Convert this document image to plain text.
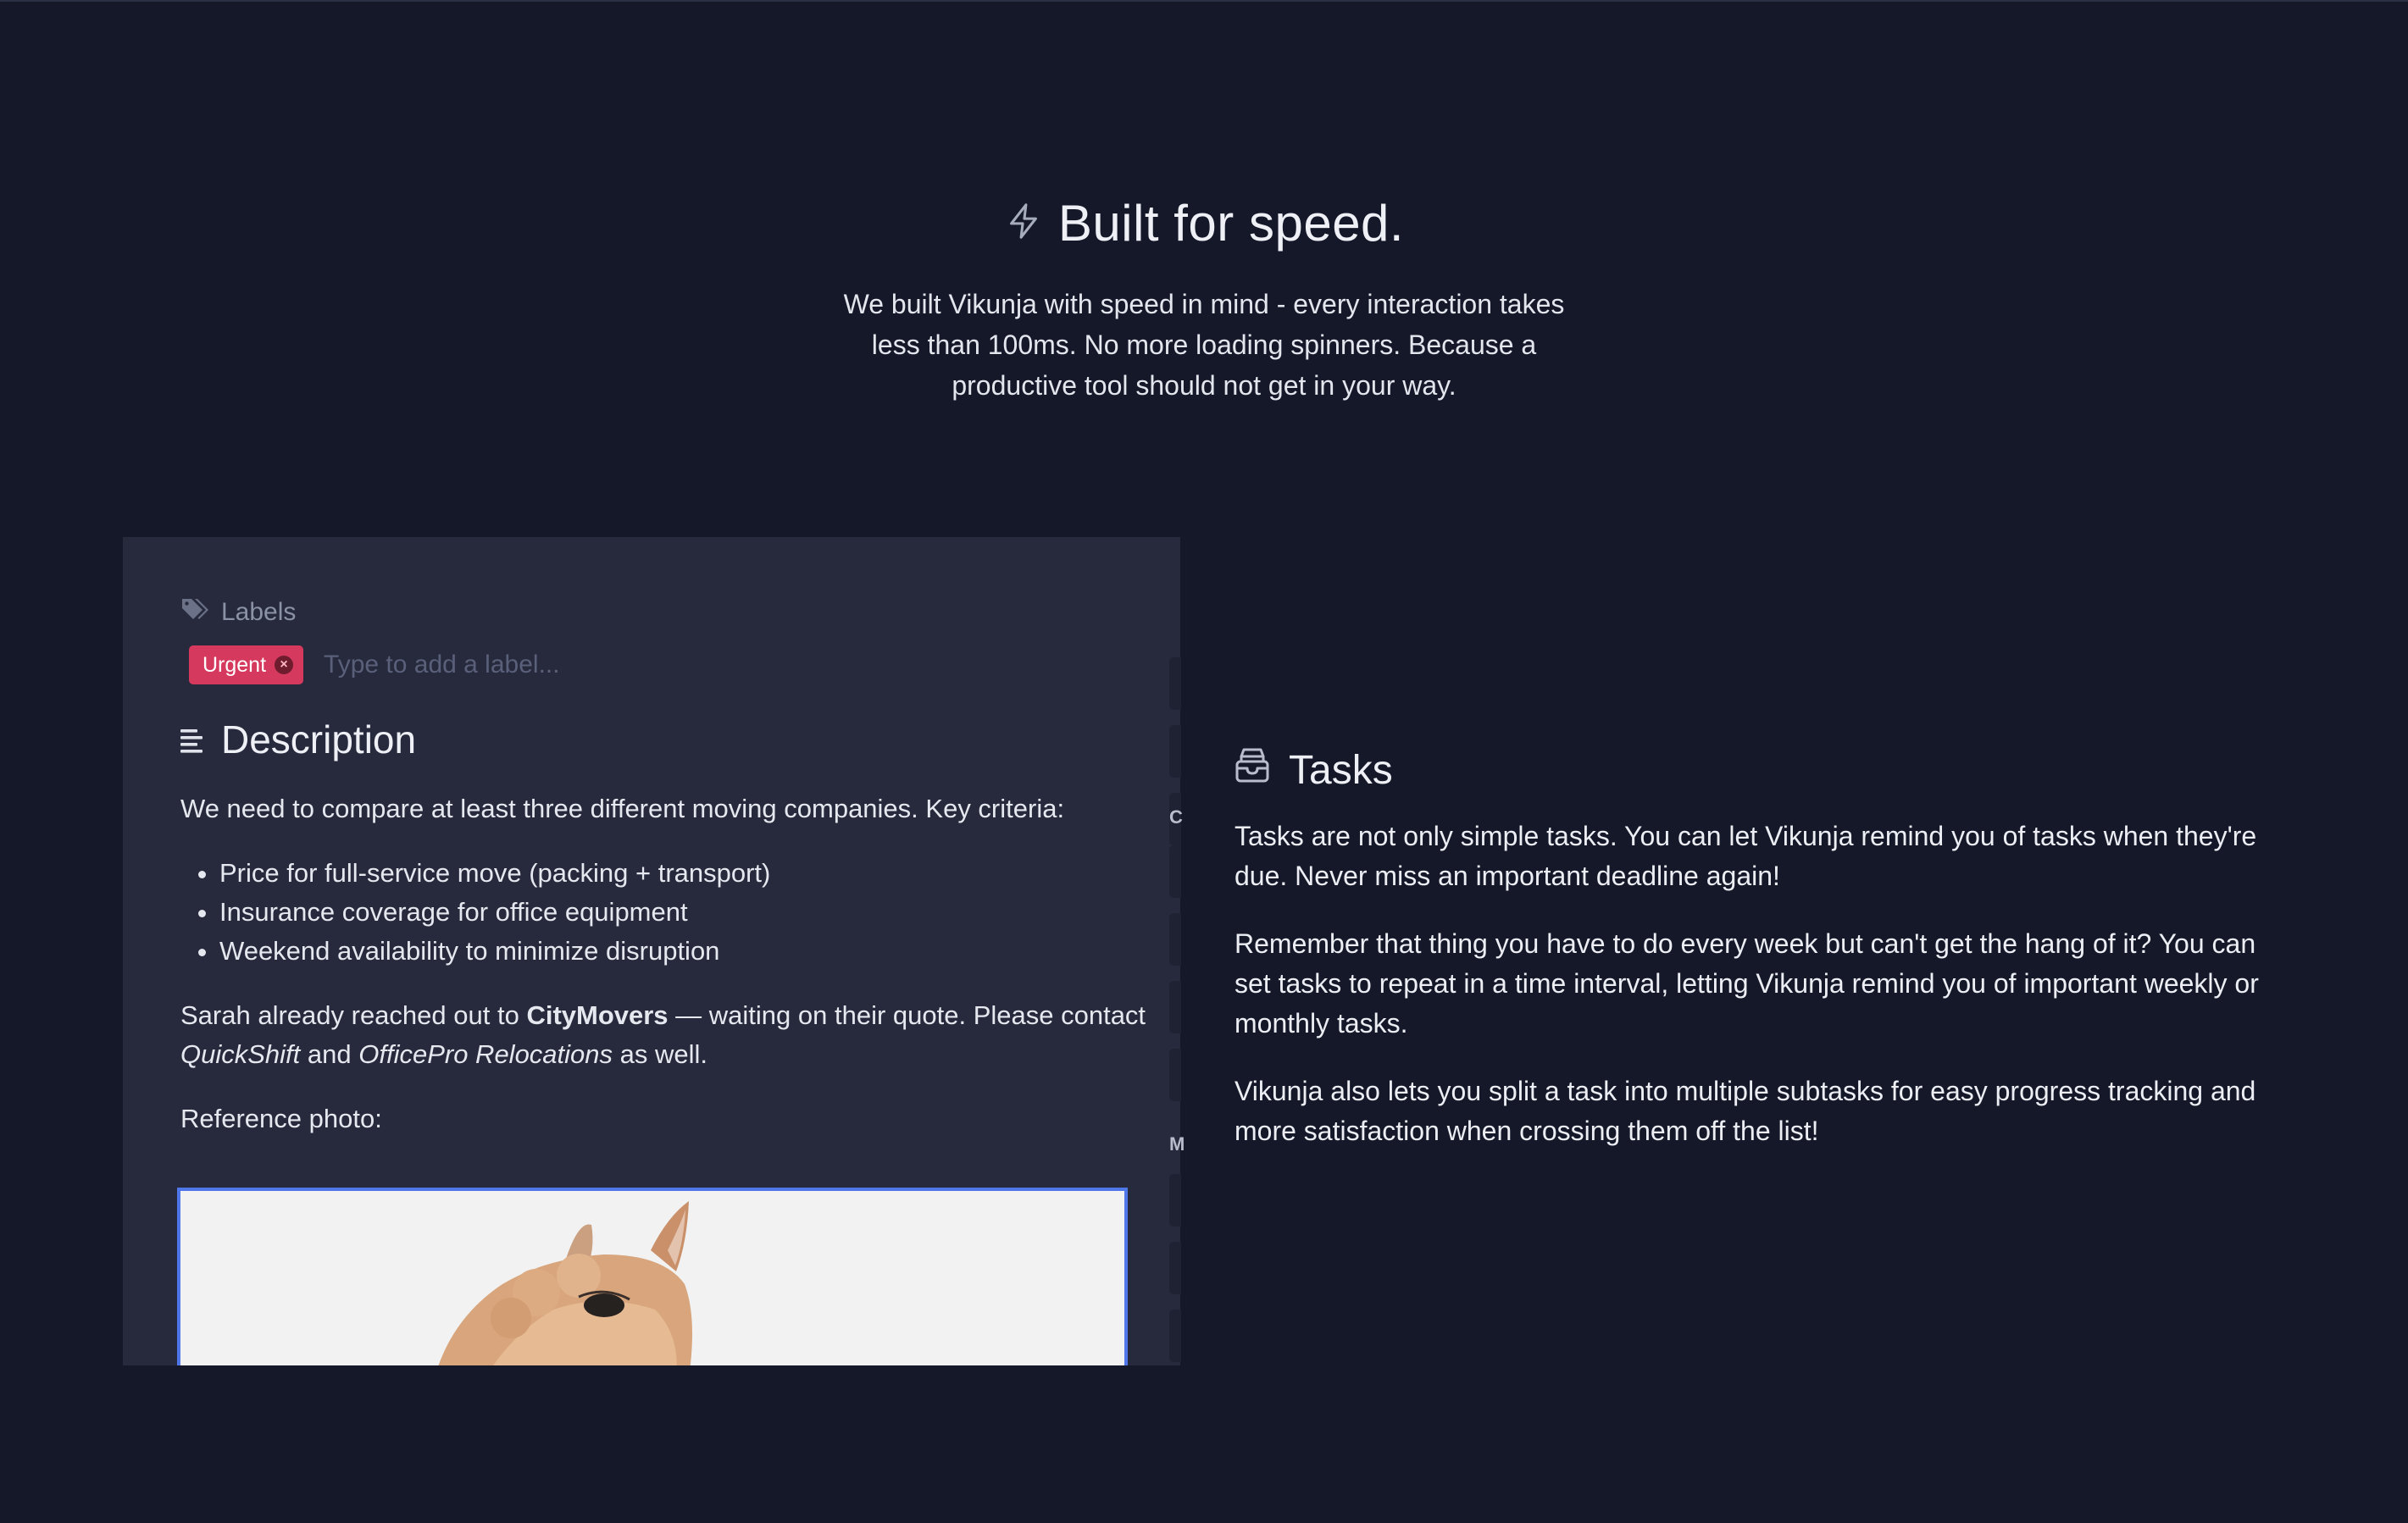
Built for speed.
We built Vikunja with speed in mind - every interaction takes less than 100ms. No more loading spinners. Because a productive tool should not get in your way.
Labels
Urgent	×
Type to add a label...
Description

We need to compare at least three different moving companies. Key criteria:

• Price for full-service move (packing + transport)
• Insurance coverage for office equipment
• Weekend availability to minimize disruption

Sarah already reached out to CityMovers — waiting on their quote. Please contact QuickShift and OfficePro Relocations as well.

Reference photo:

C
M
Tasks

Tasks are not only simple tasks. You can let Vikunja remind you of tasks when they're due. Never miss an important deadline again!

Remember that thing you have to do every week but can't get the hang of it? You can set tasks to repeat in a time interval, letting Vikunja remind you of important weekly or monthly tasks.

Vikunja also lets you split a task into multiple subtasks for easy progress tracking and more satisfaction when crossing them off the list!
